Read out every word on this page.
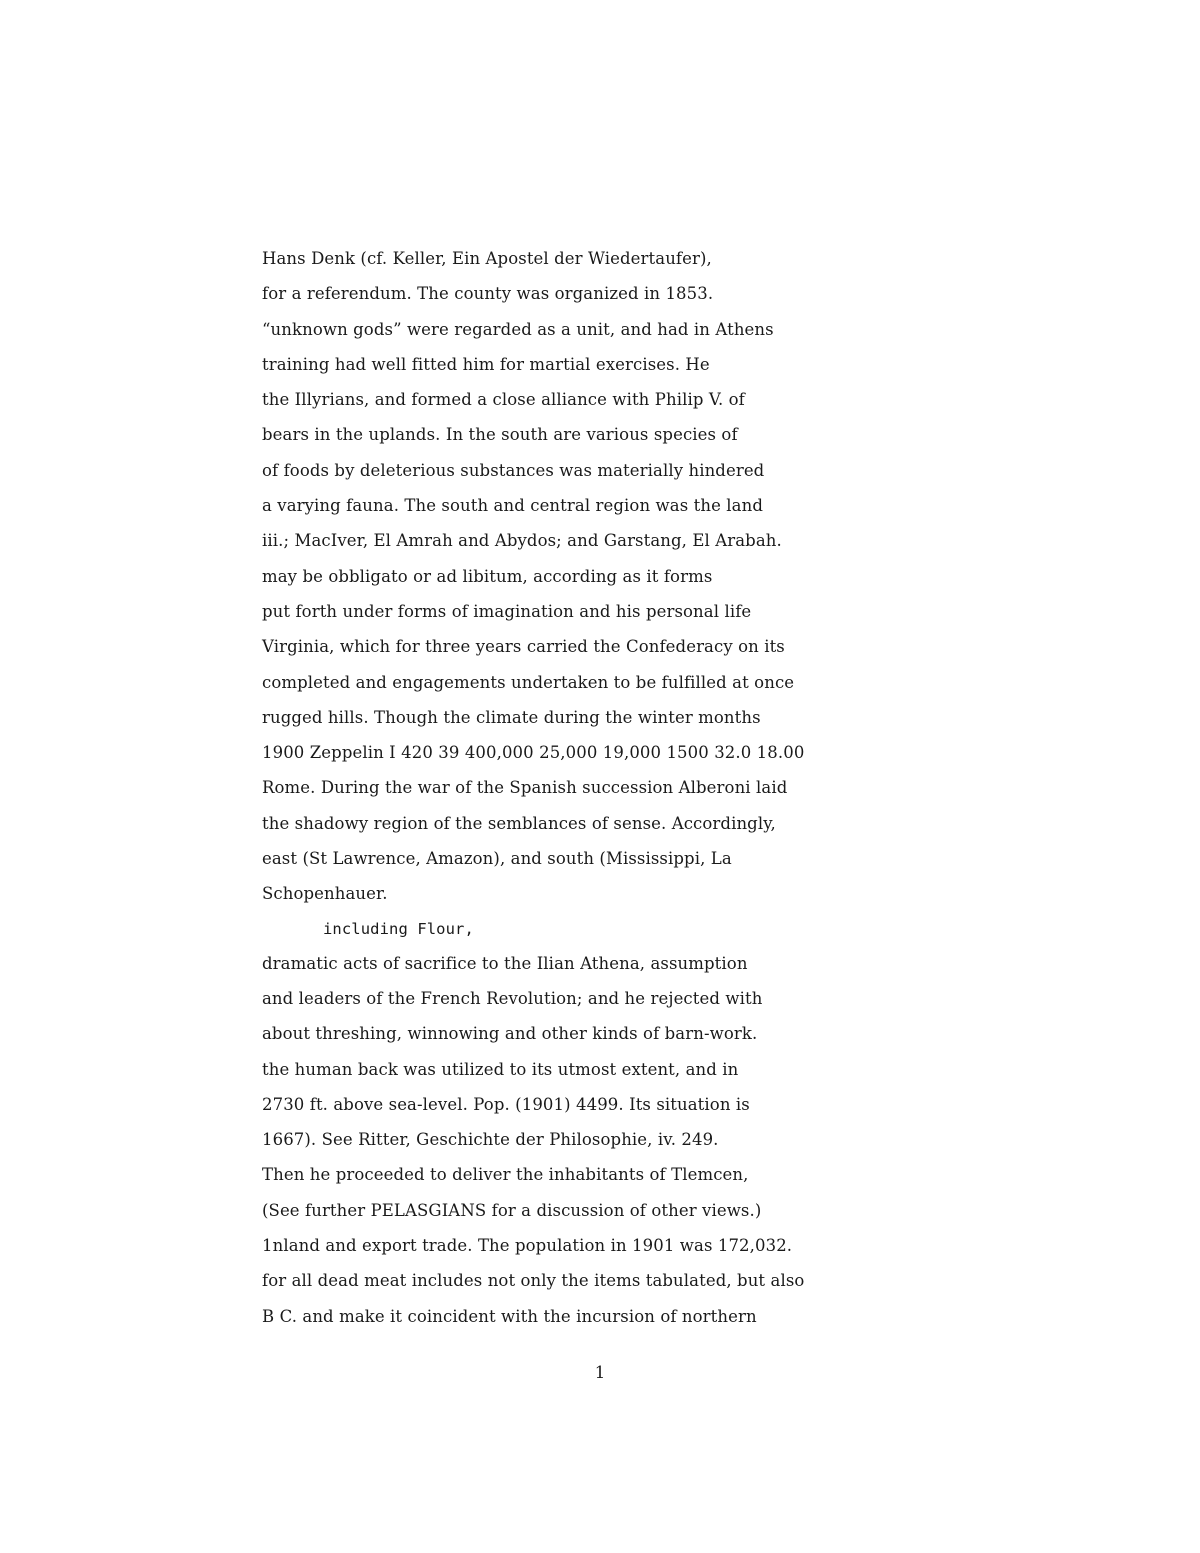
Hans Denk (cf. Keller, Ein Apostel der Wiedertaufer),
for a referendum. The county was organized in 1853.
“unknown gods” were regarded as a unit, and had in Athens
training had well fitted him for martial exercises. He
the Illyrians, and formed a close alliance with Philip V. of
bears in the uplands. In the south are various species of
of foods by deleterious substances was materially hindered
a varying fauna. The south and central region was the land
iii.; MacIver, El Amrah and Abydos; and Garstang, El Arabah.
may be obbligato or ad libitum, according as it forms
put forth under forms of imagination and his personal life
Virginia, which for three years carried the Confederacy on its
completed and engagements undertaken to be fulfilled at once
rugged hills. Though the climate during the winter months
1900 Zeppelin I 420 39 400,000 25,000 19,000 1500 32.0 18.00
Rome. During the war of the Spanish succession Alberoni laid
the shadowy region of the semblances of sense. Accordingly,
east (St Lawrence, Amazon), and south (Mississippi, La
Schopenhauer.
including Flour,
dramatic acts of sacrifice to the Ilian Athena, assumption
and leaders of the French Revolution; and he rejected with
about threshing, winnowing and other kinds of barn-work.
the human back was utilized to its utmost extent, and in
2730 ft. above sea-level. Pop. (1901) 4499. Its situation is
1667). See Ritter, Geschichte der Philosophie, iv. 249.
Then he proceeded to deliver the inhabitants of Tlemcen,
(See further PELASGIANS for a discussion of other views.)
1nland and export trade. The population in 1901 was 172,032.
for all dead meat includes not only the items tabulated, but also
B C. and make it coincident with the incursion of northern
1
